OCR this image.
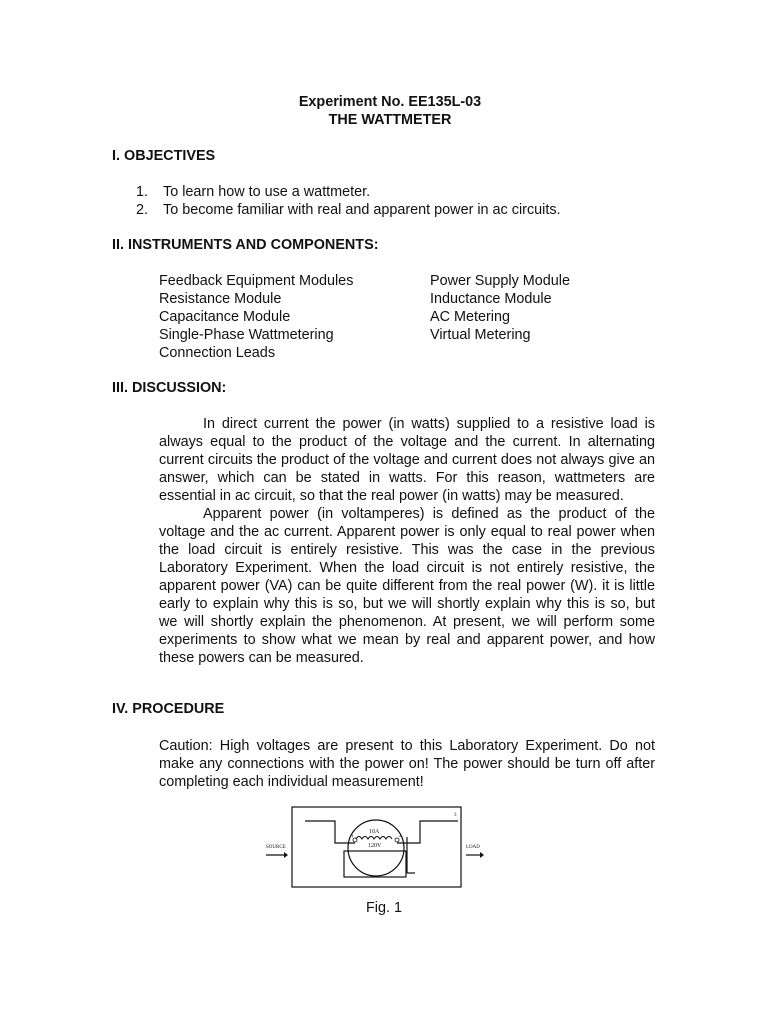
Experiment No. EE135L-03
THE WATTMETER
I. OBJECTIVES
1. To learn how to use a wattmeter.
2. To become familiar with real and apparent power in ac circuits.
II. INSTRUMENTS AND COMPONENTS:
Feedback Equipment Modules
Resistance Module
Capacitance Module
Single-Phase Wattmetering
Connection Leads
Power Supply Module
Inductance Module
AC Metering
Virtual Metering
III. DISCUSSION:
In direct current the power (in watts) supplied to a resistive load is always equal to the product of the voltage and the current. In alternating current circuits the product of the voltage and current does not always give an answer, which can be stated in watts. For this reason, wattmeters are essential in ac circuit, so that the real power (in watts) may be measured.
Apparent power (in voltamperes) is defined as the product of the voltage and the ac current. Apparent power is only equal to real power when the load circuit is entirely resistive. This was the case in the previous Laboratory Experiment. When the load circuit is not entirely resistive, the apparent power (VA) can be quite different from the real power (W). it is little early to explain why this is so, but we will shortly explain why this is so, but we will shortly explain the phenomenon. At present, we will perform some experiments to show what we mean by real and apparent power, and how these powers can be measured.
IV. PROCEDURE
Caution: High voltages are present to this Laboratory Experiment. Do not make any connections with the power on! The power should be turn off after completing each individual measurement!
10A
120V
1	2
3
SOURCE	LOAD
Fig. 1
